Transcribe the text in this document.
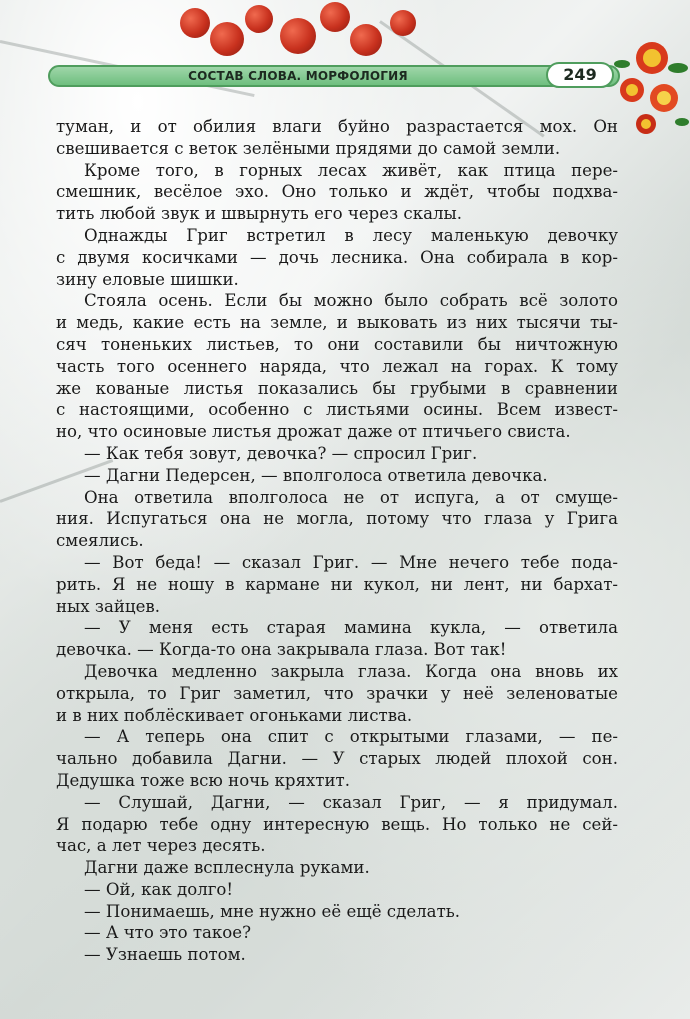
СОСТАВ СЛОВА. МОРФОЛОГИЯ	249
туман, и от обилия влаги буйно разрастается мох. Он
свешивается с веток зелёными прядями до самой земли.
Кроме того, в горных лесах живёт, как птица пере-
смешник, весёлое эхо. Оно только и ждёт, чтобы подхва-
тить любой звук и швырнуть его через скалы.
Однажды Григ встретил в лесу маленькую девочку
с двумя косичками — дочь лесника. Она собирала в кор-
зину еловые шишки.
Стояла осень. Если бы можно было собрать всё золото
и медь, какие есть на земле, и выковать из них тысячи ты-
сяч тоненьких листьев, то они составили бы ничтожную
часть того осеннего наряда, что лежал на горах. К тому
же кованые листья показались бы грубыми в сравнении
с настоящими, особенно с листьями осины. Всем извест-
но, что осиновые листья дрожат даже от птичьего свиста.
— Как тебя зовут, девочка? — спросил Григ.
— Дагни Педерсен, — вполголоса ответила девочка.
Она ответила вполголоса не от испуга, а от смуще-
ния. Испугаться она не могла, потому что глаза у Грига
смеялись.
— Вот беда! — сказал Григ. — Мне нечего тебе пода-
рить. Я не ношу в кармане ни кукол, ни лент, ни бархат-
ных зайцев.
— У меня есть старая мамина кукла, — ответила
девочка. — Когда-то она закрывала глаза. Вот так!
Девочка медленно закрыла глаза. Когда она вновь их
открыла, то Григ заметил, что зрачки у неё зеленоватые
и в них поблёскивает огоньками листва.
— А теперь она спит с открытыми глазами, — пе-
чально добавила Дагни. — У старых людей плохой сон.
Дедушка тоже всю ночь кряхтит.
— Слушай, Дагни, — сказал Григ, — я придумал.
Я подарю тебе одну интересную вещь. Но только не сей-
час, а лет через десять.
Дагни даже всплеснула руками.
— Ой, как долго!
— Понимаешь, мне нужно её ещё сделать.
— А что это такое?
— Узнаешь потом.
